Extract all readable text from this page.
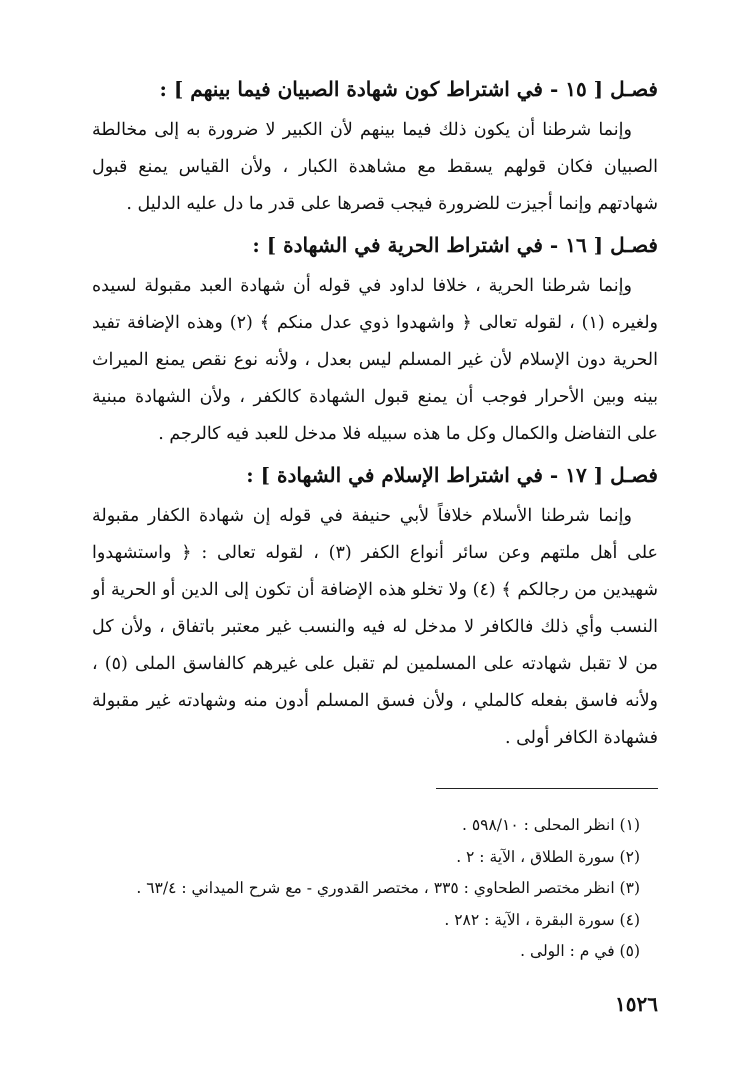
فصـل [ ١٥ - في اشتراط كون شهادة الصبيان فيما بينهم ] :

وإنما شرطنا أن يكون ذلك فيما بينهم لأن الكبير لا ضرورة به إلى مخالطة الصبيان فكان قولهم يسقط مع مشاهدة الكبار ، ولأن القياس يمنع قبول شهادتهم وإنما أجيزت للضرورة فيجب قصرها على قدر ما دل عليه الدليل .

فصـل [ ١٦ - في اشتراط الحرية في الشهادة ] :

وإنما شرطنا الحرية ، خلافا لداود في قوله أن شهادة العبد مقبولة لسيده ولغيره (١) ، لقوله تعالى ﴿ واشهدوا ذوي عدل منكم ﴾ (٢) وهذه الإضافة تفيد الحرية دون الإسلام لأن غير المسلم ليس بعدل ، ولأنه نوع نقص يمنع الميراث بينه وبين الأحرار فوجب أن يمنع قبول الشهادة كالكفر ، ولأن الشهادة مبنية على التفاضل والكمال وكل ما هذه سبيله فلا مدخل للعبد فيه كالرجم .

فصـل [ ١٧ - في اشتراط الإسلام في الشهادة ] :

وإنما شرطنا الأسلام خلافاً لأبي حنيفة في قوله إن شهادة الكفار مقبولة على أهل ملتهم وعن سائر أنواع الكفر (٣) ، لقوله تعالى : ﴿ واستشهدوا شهيدين من رجالكم ﴾ (٤) ولا تخلو هذه الإضافة أن تكون إلى الدين أو الحرية أو النسب وأي ذلك فالكافر لا مدخل له فيه والنسب غير معتبر باتفاق ، ولأن كل من لا تقبل شهادته على المسلمين لم تقبل على غيرهم كالفاسق الملى (٥) ، ولأنه فاسق بفعله كالملي ، ولأن فسق المسلم أدون منه وشهادته غير مقبولة فشهادة الكافر أولى .

(١) انظر المحلى : ٥٩٨/١٠ .
(٢) سورة الطلاق ، الآية : ٢ .
(٣) انظر مختصر الطحاوي : ٣٣٥ ، مختصر القدوري - مع شرح الميداني : ٦٣/٤ .
(٤) سورة البقرة ، الآية : ٢٨٢ .
(٥) في م : الولى .
١٥٢٦
